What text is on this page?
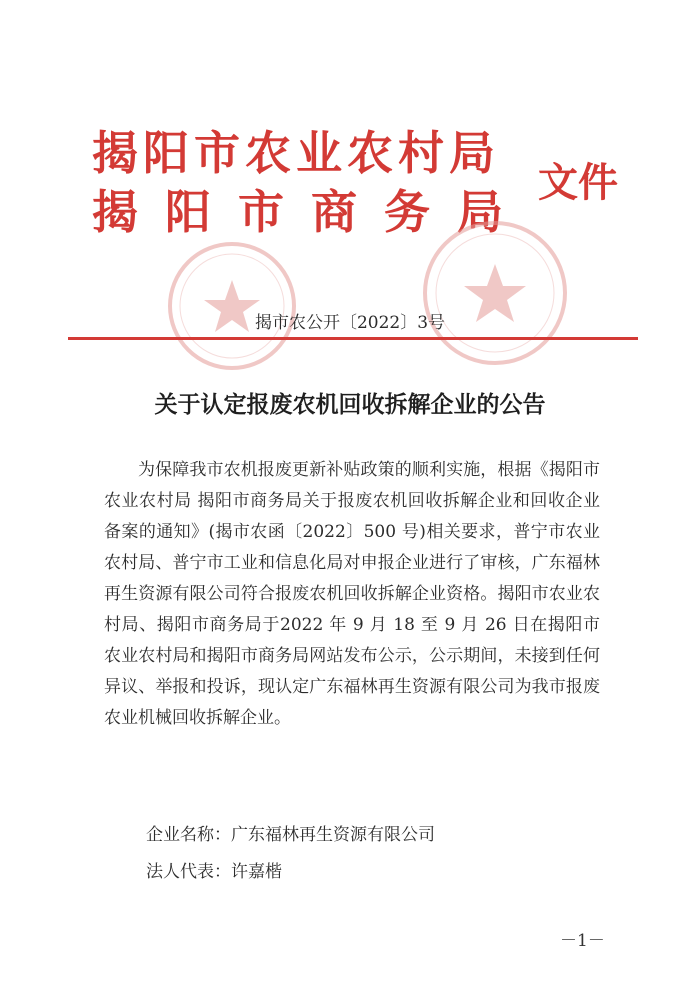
揭阳市农业农村局
揭阳市商务局
文件
揭市农公开〔2022〕3号
关于认定报废农机回收拆解企业的公告

为保障我市农机报废更新补贴政策的顺利实施，根据《揭阳市农业农村局 揭阳市商务局关于报废农机回收拆解企业和回收企业备案的通知》(揭市农函〔2022〕500 号)相关要求，普宁市农业农村局、普宁市工业和信息化局对申报企业进行了审核，广东福林再生资源有限公司符合报废农机回收拆解企业资格。揭阳市农业农村局、揭阳市商务局于2022 年 9 月 18 至 9 月 26 日在揭阳市农业农村局和揭阳市商务局网站发布公示，公示期间，未接到任何异议、举报和投诉，现认定广东福林再生资源有限公司为我市报废农业机械回收拆解企业。

企业名称：广东福林再生资源有限公司
法人代表：许嘉楷
－1－
